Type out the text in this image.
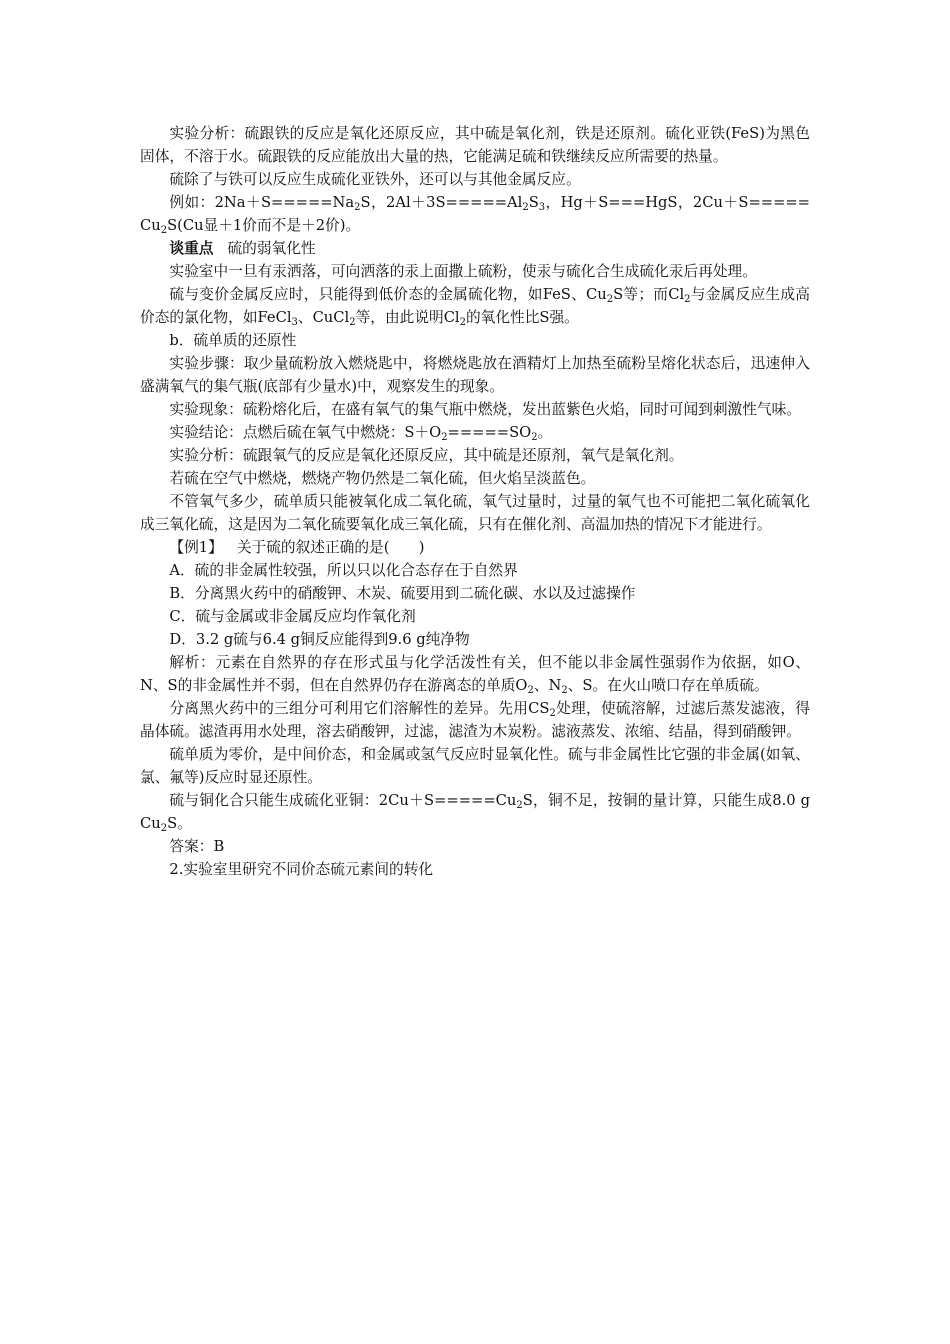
实验分析：硫跟铁的反应是氧化还原反应，其中硫是氧化剂，铁是还原剂。硫化亚铁(FeS)为黑色固体，不溶于水。硫跟铁的反应能放出大量的热，它能满足硫和铁继续反应所需要的热量。

硫除了与铁可以反应生成硫化亚铁外，还可以与其他金属反应。

例如：$2Na+S=====Na_2S$，$2Al+3S=====Al_2S_3$，Hg＋S===HgS，$2Cu+S=====Cu_2S(Cu$显＋1价而不是＋2价)。

谈重点 硫的弱氧化性

实验室中一旦有汞洒落，可向洒落的汞上面撒上硫粉，使汞与硫化合生成硫化汞后再处理。

硫与变价金属反应时，只能得到低价态的金属硫化物，如FeS、$Cu_2S$等；而$Cl_2$与金属反应生成高价态的氯化物，如FeCl$_3$、CuCl$_2$等，由此说明$Cl_2$的氧化性比S强。

b．硫单质的还原性

实验步骤：取少量硫粉放入燃烧匙中，将燃烧匙放在酒精灯上加热至硫粉呈熔化状态后，迅速伸入盛满氧气的集气瓶(底部有少量水)中，观察发生的现象。

实验现象：硫粉熔化后，在盛有氧气的集气瓶中燃烧，发出蓝紫色火焰，同时可闻到刺激性气味。

实验结论：点燃后硫在氧气中燃烧：$S+O_2=====SO_2$。

实验分析：硫跟氧气的反应是氧化还原反应，其中硫是还原剂，氧气是氧化剂。

若硫在空气中燃烧，燃烧产物仍然是二氧化硫，但火焰呈淡蓝色。

不管氧气多少，硫单质只能被氧化成二氧化硫，氧气过量时，过量的氧气也不可能把二氧化硫氧化成三氧化硫，这是因为二氧化硫要氧化成三氧化硫，只有在催化剂、高温加热的情况下才能进行。

【例1】 关于硫的叙述正确的是(　　)

A．硫的非金属性较强，所以只以化合态存在于自然界

B．分离黑火药中的硝酸钾、木炭、硫要用到二硫化碳、水以及过滤操作

C．硫与金属或非金属反应均作氧化剂

D．3.2 g硫与6.4 g铜反应能得到9.6 g纯净物

解析：元素在自然界的存在形式虽与化学活泼性有关，但不能以非金属性强弱作为依据，如O、N、S的非金属性并不弱，但在自然界仍存在游离态的单质$O_2$、$N_2$、S。在火山喷口存在单质硫。

分离黑火药中的三组分可利用它们溶解性的差异。先用$CS_2$处理，使硫溶解，过滤后蒸发滤液，得晶体硫。滤渣再用水处理，溶去硝酸钾，过滤，滤渣为木炭粉。滤液蒸发、浓缩、结晶，得到硝酸钾。

硫单质为零价，是中间价态，和金属或氢气反应时显氧化性。硫与非金属性比它强的非金属(如氧、氯、氟等)反应时显还原性。

硫与铜化合只能生成硫化亚铜：$2Cu+S=====Cu_2S$，铜不足，按铜的量计算，只能生成8.0 g $Cu_2S$。

答案：B

2.实验室里研究不同价态硫元素间的转化
